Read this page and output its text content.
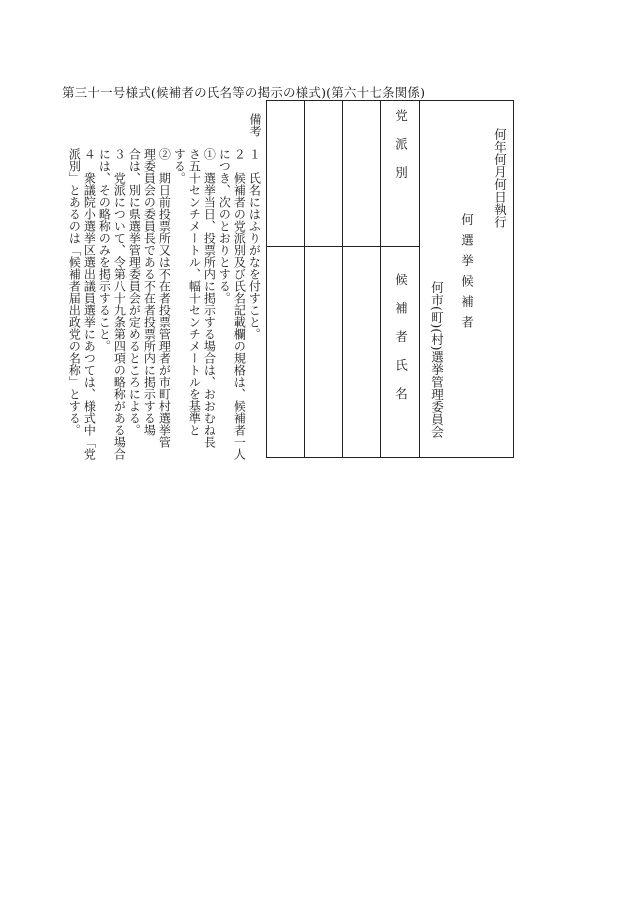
第三十一号様式(候補者の氏名等の掲示の様式)(第六十七条関係)
何年何月何日執行
何 選 挙 候 補 者
何市(町)(村)選挙管理委員会
党 派 別
候 補 者 氏 名
備考
１　氏名にはふりがなを付すこと。
２　候補者の党派別及び氏名記載欄の規格は、候補者一人
につき、次のとおりとする。
①　選挙当日、投票所内に掲示する場合は、おおむね長
さ五十センチメートル、幅十センチメートルを基準と
する。
②　期日前投票所又は不在者投票管理者が市町村選挙管
理委員会の委員長である不在者投票所内に掲示する場
合は、別に県選挙管理委員会が定めるところによる。
３　党派について、令第八十九条第四項の略称がある場合
には、その略称のみを掲示すること。
４　衆議院小選挙区選出議員選挙にあつては、様式中「党
派別」とあるのは「候補者届出政党の名称」とする。
